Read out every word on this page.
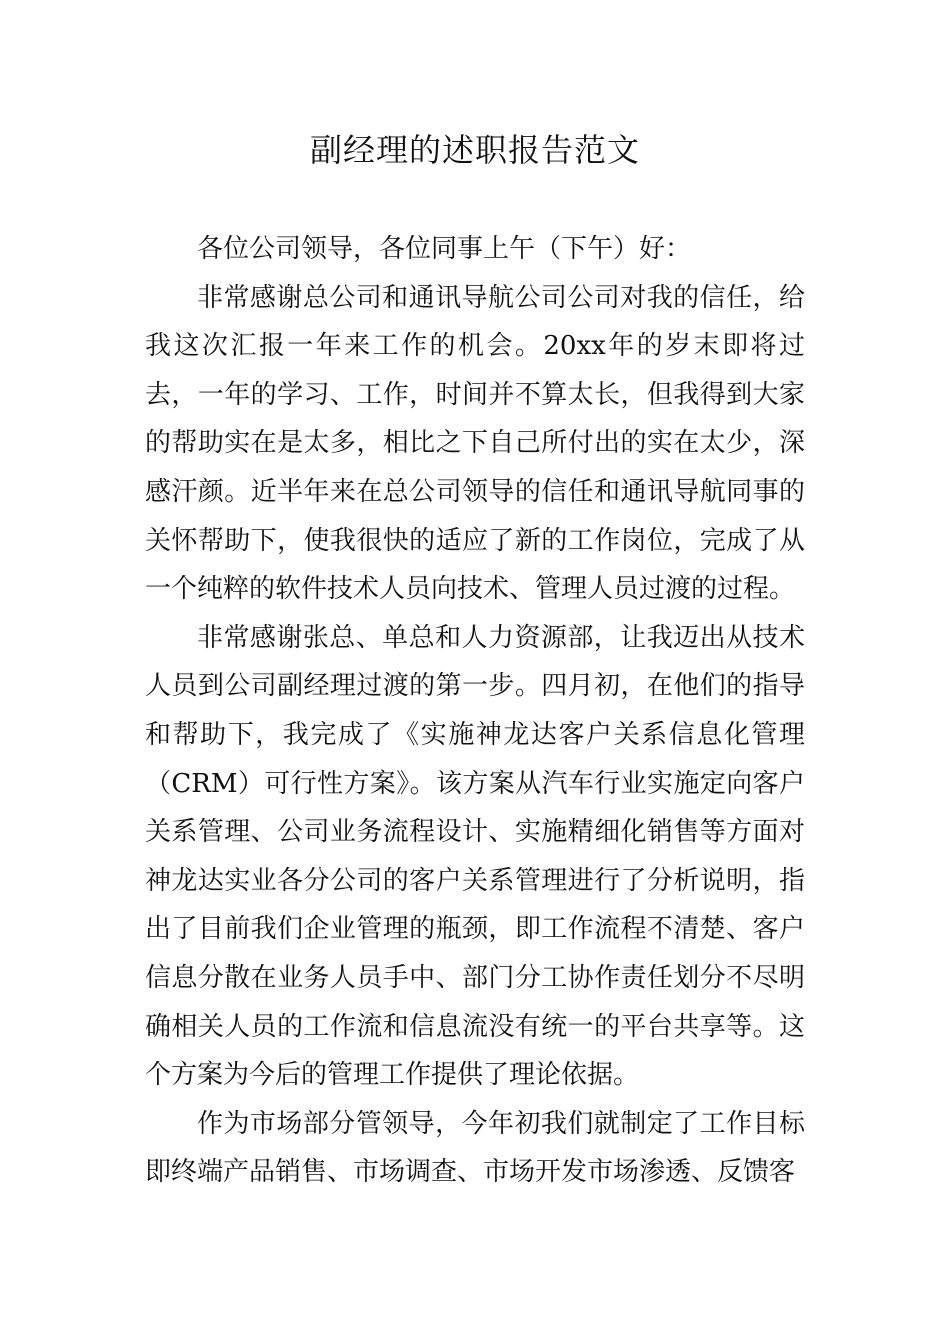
副经理的述职报告范文

各位公司领导，各位同事上午（下午）好：

非常感谢总公司和通讯导航公司公司对我的信任，给我这次汇报一年来工作的机会。20xx年的岁末即将过去，一年的学习、工作，时间并不算太长，但我得到大家的帮助实在是太多，相比之下自己所付出的实在太少，深感汗颜。近半年来在总公司领导的信任和通讯导航同事的关怀帮助下，使我很快的适应了新的工作岗位，完成了从一个纯粹的软件技术人员向技术、管理人员过渡的过程。

非常感谢张总、单总和人力资源部，让我迈出从技术人员到公司副经理过渡的第一步。四月初，在他们的指导和帮助下，我完成了《实施神龙达客户关系信息化管理（CRM）可行性方案》。该方案从汽车行业实施定向客户关系管理、公司业务流程设计、实施精细化销售等方面对神龙达实业各分公司的客户关系管理进行了分析说明，指出了目前我们企业管理的瓶颈，即工作流程不清楚、客户信息分散在业务人员手中、部门分工协作责任划分不尽明确相关人员的工作流和信息流没有统一的平台共享等。这个方案为今后的管理工作提供了理论依据。

作为市场部分管领导，今年初我们就制定了工作目标即终端产品销售、市场调查、市场开发市场渗透、反馈客
